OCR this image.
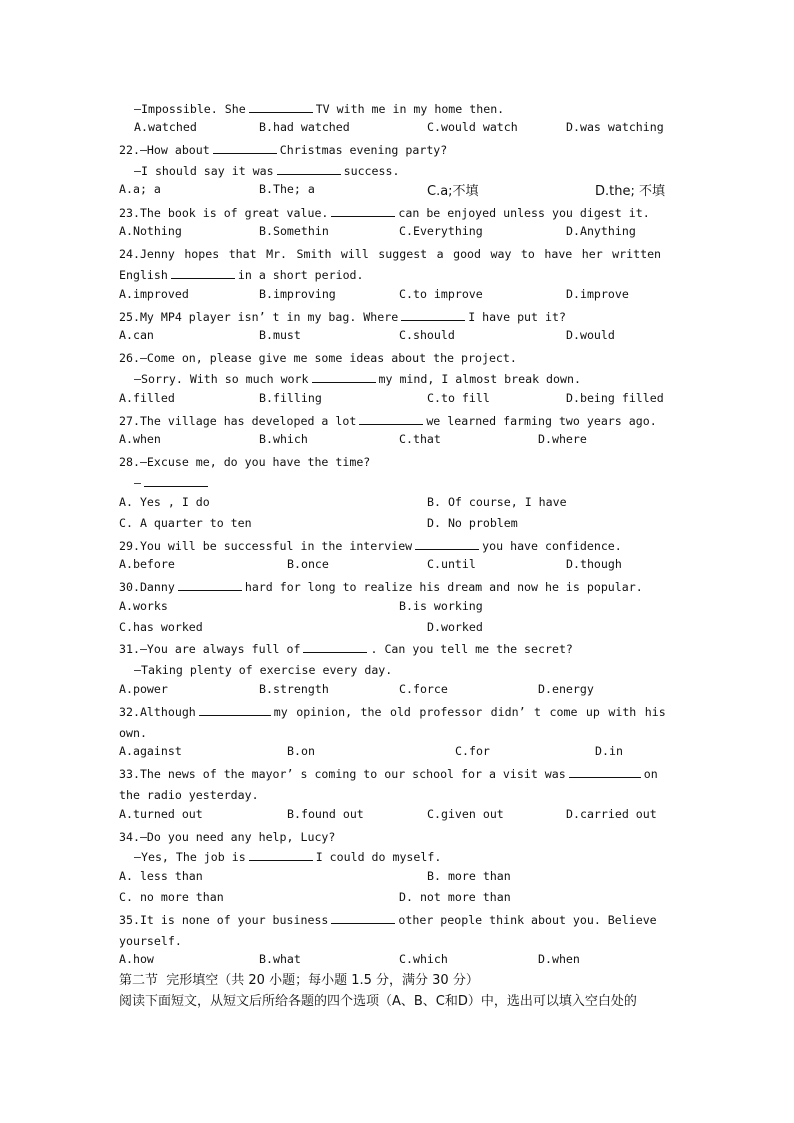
—Impossible. She	TV with me in my home then.
A.watched	B.had watched	C.would watch	D.was watching
22.—How about	Christmas evening party?
—I should say it was	success.
A.a; a	B.The; a	C.a;不填	D.the; 不填
23.The book is of great value.	can be enjoyed unless you digest it.
A.Nothing	B.Somethin	C.Everything	D.Anything
24.Jenny hopes that Mr. Smith will suggest a good way to have her written
English	in a short period.
A.improved	B.improving	C.to improve	D.improve
25.My MP4 player isn’ t in my bag. Where	I have put it?
A.can	B.must	C.should	D.would
26.—Come on, please give me some ideas about the project.
—Sorry. With so much work	my mind, I almost break down.
A.filled	B.filling	C.to fill	D.being filled
27.The village has developed a lot	we learned farming two years ago.
A.when	B.which	C.that	D.where
28.—Excuse me, do you have the time?
—
A. Yes , I do	B. Of course, I have
C. A quarter to ten	D. No problem
29.You will be successful in the interview	you have confidence.
A.before	B.once	C.until	D.though
30.Danny	hard for long to realize his dream and now he is popular.
A.works	B.is working
C.has worked	D.worked
31.—You are always full of	. Can you tell me the secret?
—Taking plenty of exercise every day.
A.power	B.strength	C.force	D.energy
32.Although	my opinion, the old professor didn’ t come up with his
own.
A.against	B.on	C.for	D.in
33.The news of the mayor’ s coming to our school for a visit was	on
the radio yesterday.
A.turned out	B.found out	C.given out	D.carried out
34.—Do you need any help, Lucy?
—Yes, The job is	I could do myself.
A. less than	B. more than
C. no more than	D. not more than
35.It is none of your business	other people think about you. Believe
yourself.
A.how	B.what	C.which	D.when
第二节  完形填空（共 20 小题；每小题 1.5 分，满分 30 分）
阅读下面短文，从短文后所给各题的四个选项（A、B、C和D）中，选出可以填入空白处的
